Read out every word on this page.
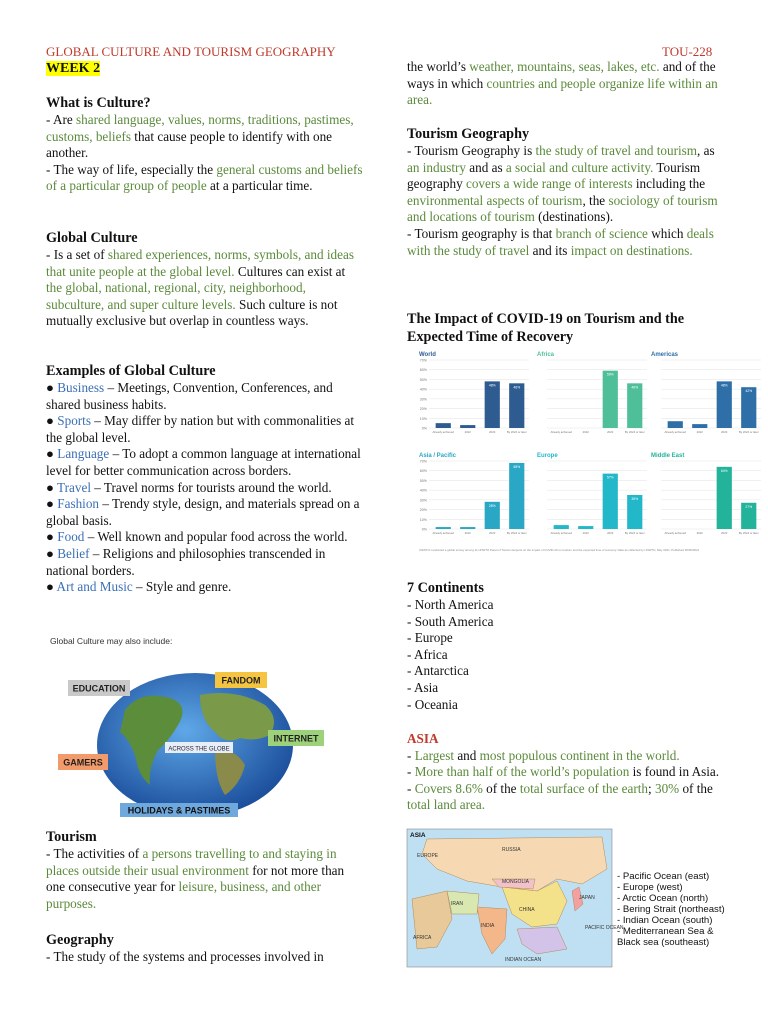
GLOBAL CULTURE AND TOURISM GEOGRAPHY	TOU-228
WEEK 2
What is Culture?

- Are shared language, values, norms, traditions, pastimes, customs, beliefs that cause people to identify with one another.

- The way of life, especially the general customs and beliefs of a particular group of people at a particular time.

Global Culture

- Is a set of shared experiences, norms, symbols, and ideas that unite people at the global level. Cultures can exist at the global, national, regional, city, neighborhood, subculture, and super culture levels. Such culture is not mutually exclusive but overlap in countless ways.

Examples of Global Culture

● Business – Meetings, Convention, Conferences, and shared business habits.

● Sports – May differ by nation but with commonalities at the global level.

● Language – To adopt a common language at international level for better communication across borders.

● Travel – Travel norms for tourists around the world.

● Fashion – Trendy style, design, and materials spread on a global basis.

● Food – Well known and popular food across the world.

● Belief – Religions and philosophies transcended in national borders.

● Art and Music – Style and genre.

Global Culture may also include:
EDUCATION
FANDOM
INTERNET
GAMERS
ACROSS THE GLOBE
HOLIDAYS & PASTIMES
Tourism

- The activities of a persons travelling to and staying in places outside their usual environment for not more than one consecutive year for leisure, business, and other purposes.

Geography

- The study of the systems and processes involved in

the world’s weather, mountains, seas, lakes, etc. and of the ways in which countries and people organize life within an area.

Tourism Geography

- Tourism Geography is the study of travel and tourism, as an industry and as a social and culture activity. Tourism geography covers a wide range of interests including the environmental aspects of tourism, the sociology of tourism and locations of tourism (destinations).

- Tourism geography is that branch of science which deals with the study of travel and its impact on destinations.

The Impact of COVID-19 on Tourism and the Expected Time of Recovery
World
70%
60%
50%
40%
30%
20%
10%
0%
Already achieved	2022
48%
2023
46%
By 2024 or later
Africa
Already achieved	2022
59%
2023
46%
By 2024 or later
Americas
Already achieved	2022
48%
2023
42%
By 2024 or later
Asia / Pacific
70%
60%
50%
40%
30%
20%
10%
0%
Already achieved	2022
28%
2023
68%
By 2024 or later
Europe
Already achieved	2022
57%
2023
35%
By 2024 or later
Middle East
Already achieved	2022
64%
2023
27%
By 2024 or later
UNWTO conducted a global survey among its UNWTO Panel of Tourism Experts on the impact of COVID-19 on tourism and the expected time of recovery. Data as collected by UNWTO, May 2021. Published 30/06/2021
7 Continents

- North America

- South America

- Europe

- Africa

- Antarctica

- Asia

- Oceania

ASIA

- Largest and most populous continent in the world.

- More than half of the world’s population is found in Asia.

- Covers 8.6% of the total surface of the earth; 30% of the total land area.

ASIA
RUSSIA
CHINA
MONGOLIA
INDIA
IRAN
INDIAN OCEAN
PACIFIC OCEAN
EUROPE
AFRICA
JAPAN
- Pacific Ocean (east)
- Europe (west)
- Arctic Ocean (north)
- Bering Strait (northeast)
- Indian Ocean (south)
- Mediterranean Sea &
Black sea (southeast)
